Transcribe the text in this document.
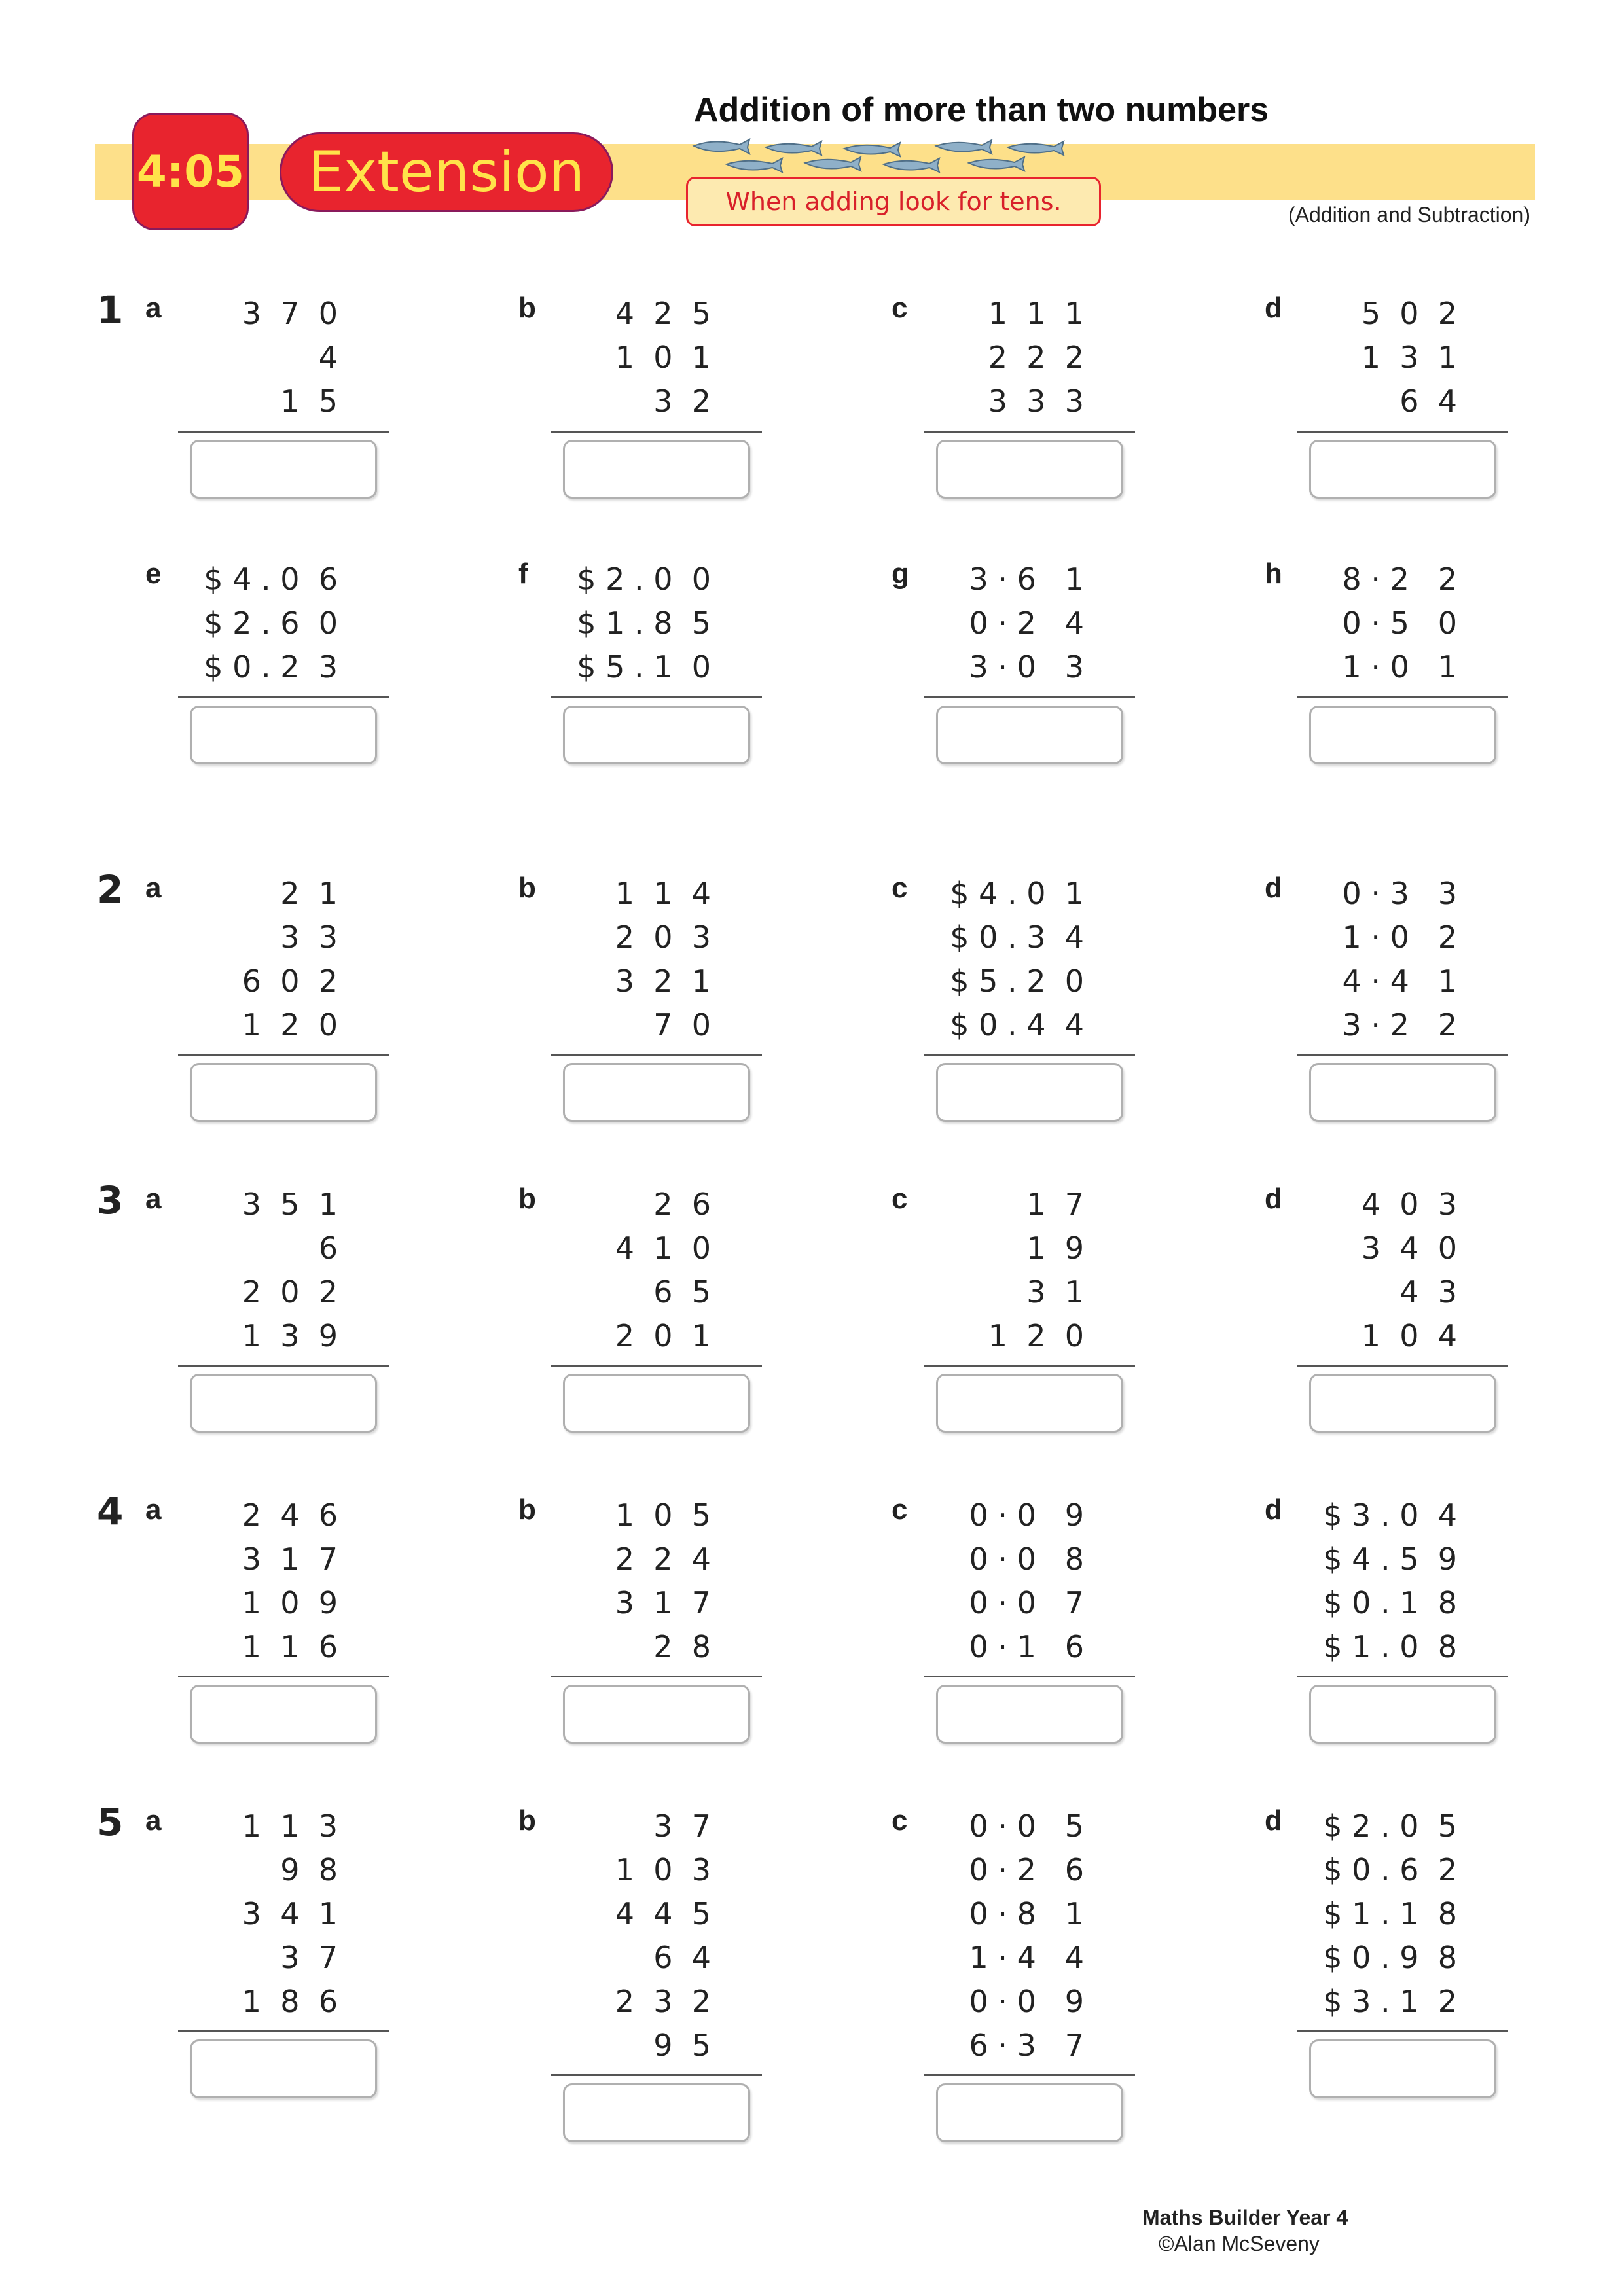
4:05 Extension
Addition of more than two numbers
When adding look for tens.	(Addition and Subtraction)
1
2
3
4
5
a	3  7  0
4
1  5
b	4  2  5
1  0  1
3  2
c	1  1  1
2  2  2
3  3  3
d	5  0  2
1  3  1
6  4
e	$ 4 . 0  6
$ 2 . 6  0
$ 0 . 2  3
f	$ 2 . 0  0
$ 1 . 8  5
$ 5 . 1  0
g	3 · 6   1
0 · 2   4
3 · 0   3
h	8 · 2   2
0 · 5   0
1 · 0   1
a	2  1
3  3
6  0  2
1  2  0
b	1  1  4
2  0  3
3  2  1
7  0
c	$ 4 . 0  1
$ 0 . 3  4
$ 5 . 2  0
$ 0 . 4  4
d	0 · 3   3
1 · 0   2
4 · 4   1
3 · 2   2
a	3  5  1
6
2  0  2
1  3  9
b	2  6
4  1  0
6  5
2  0  1
c	1  7
1  9
3  1
1  2  0
d	4  0  3
3  4  0
4  3
1  0  4
a	2  4  6
3  1  7
1  0  9
1  1  6
b	1  0  5
2  2  4
3  1  7
2  8
c	0 · 0   9
0 · 0   8
0 · 0   7
0 · 1   6
d	$ 3 . 0  4
$ 4 . 5  9
$ 0 . 1  8
$ 1 . 0  8
a	1  1  3
9  8
3  4  1
3  7
1  8  6
b	3  7
1  0  3
4  4  5
6  4
2  3  2
9  5
c	0 · 0   5
0 · 2   6
0 · 8   1
1 · 4   4
0 · 0   9
6 · 3   7
d	$ 2 . 0  5
$ 0 . 6  2
$ 1 . 1  8
$ 0 . 9  8
$ 3 . 1  2
Maths Builder Year 4
©Alan McSeveny
